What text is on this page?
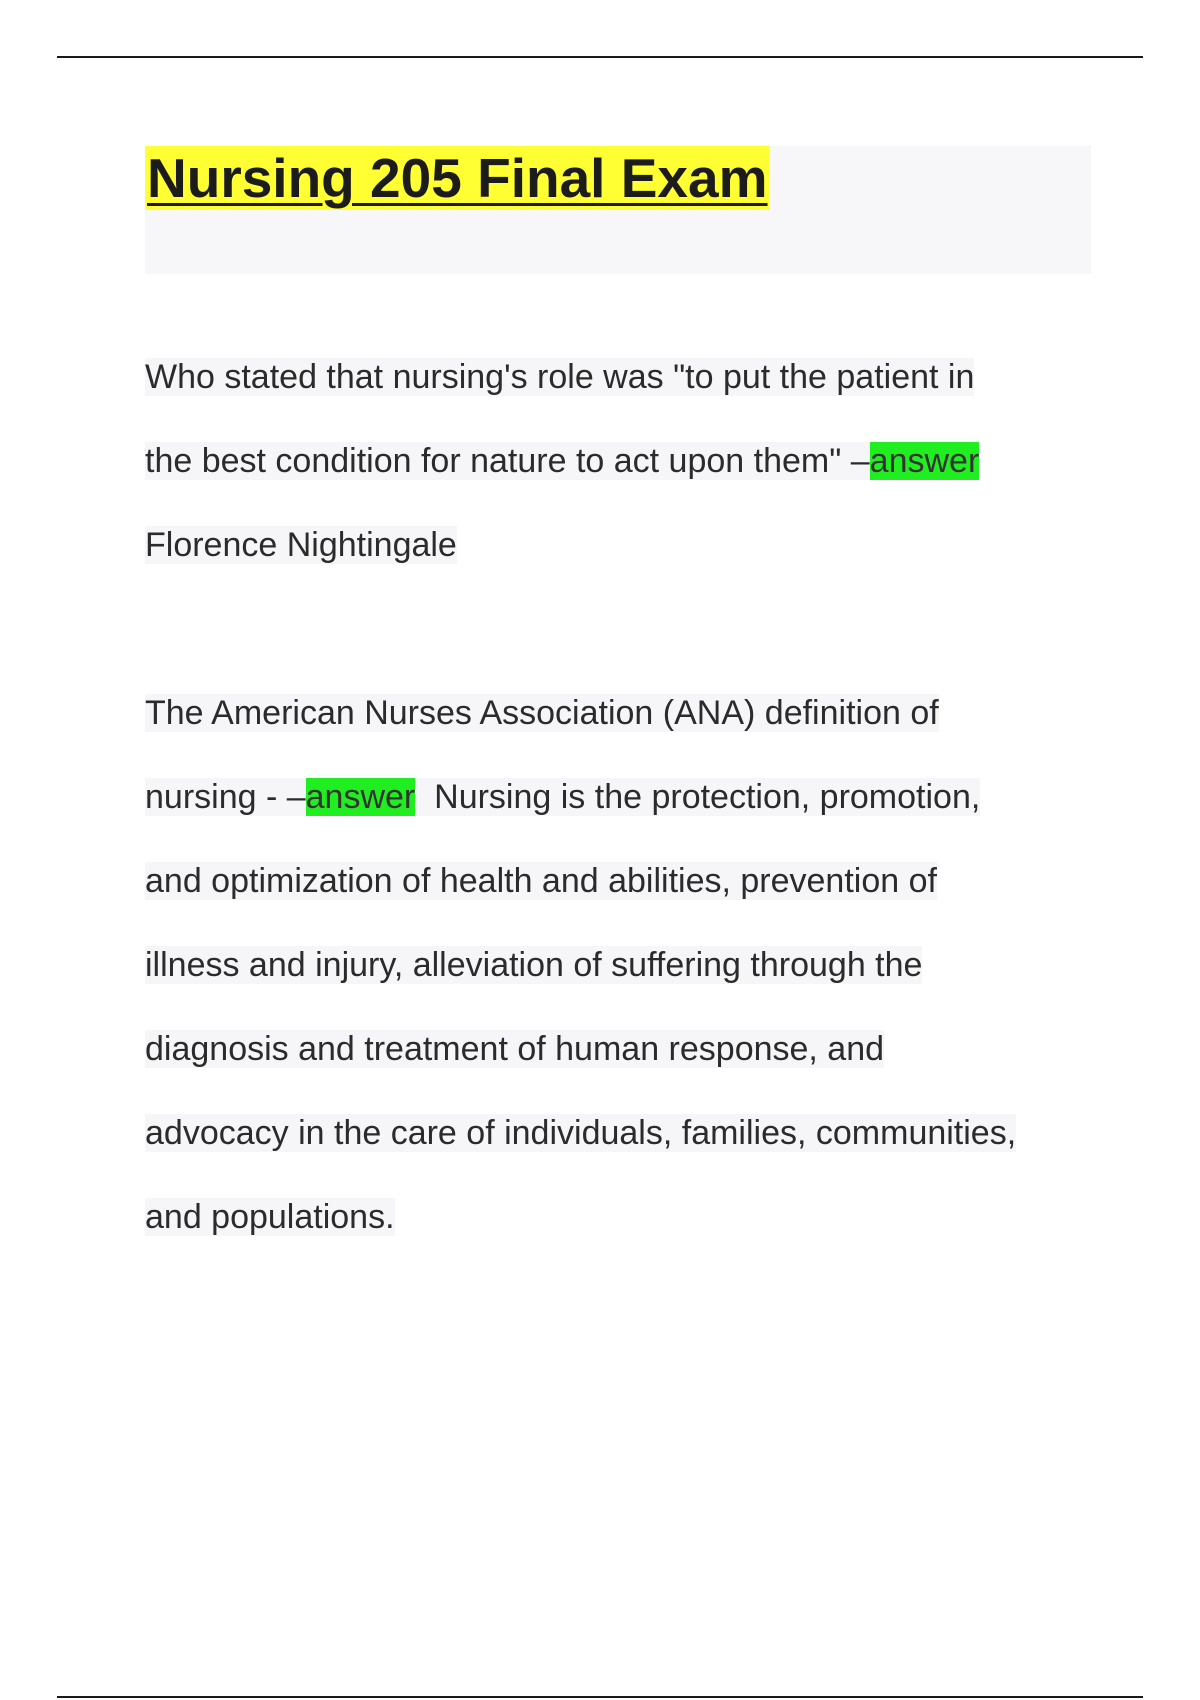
Nursing 205 Final Exam
Who stated that nursing's role was "to put the patient in
the best condition for nature to act upon them" –answer
Florence Nightingale
The American Nurses Association (ANA) definition of
nursing - –answer  Nursing is the protection, promotion,
and optimization of health and abilities, prevention of
illness and injury, alleviation of suffering through the
diagnosis and treatment of human response, and
advocacy in the care of individuals, families, communities,
and populations.
